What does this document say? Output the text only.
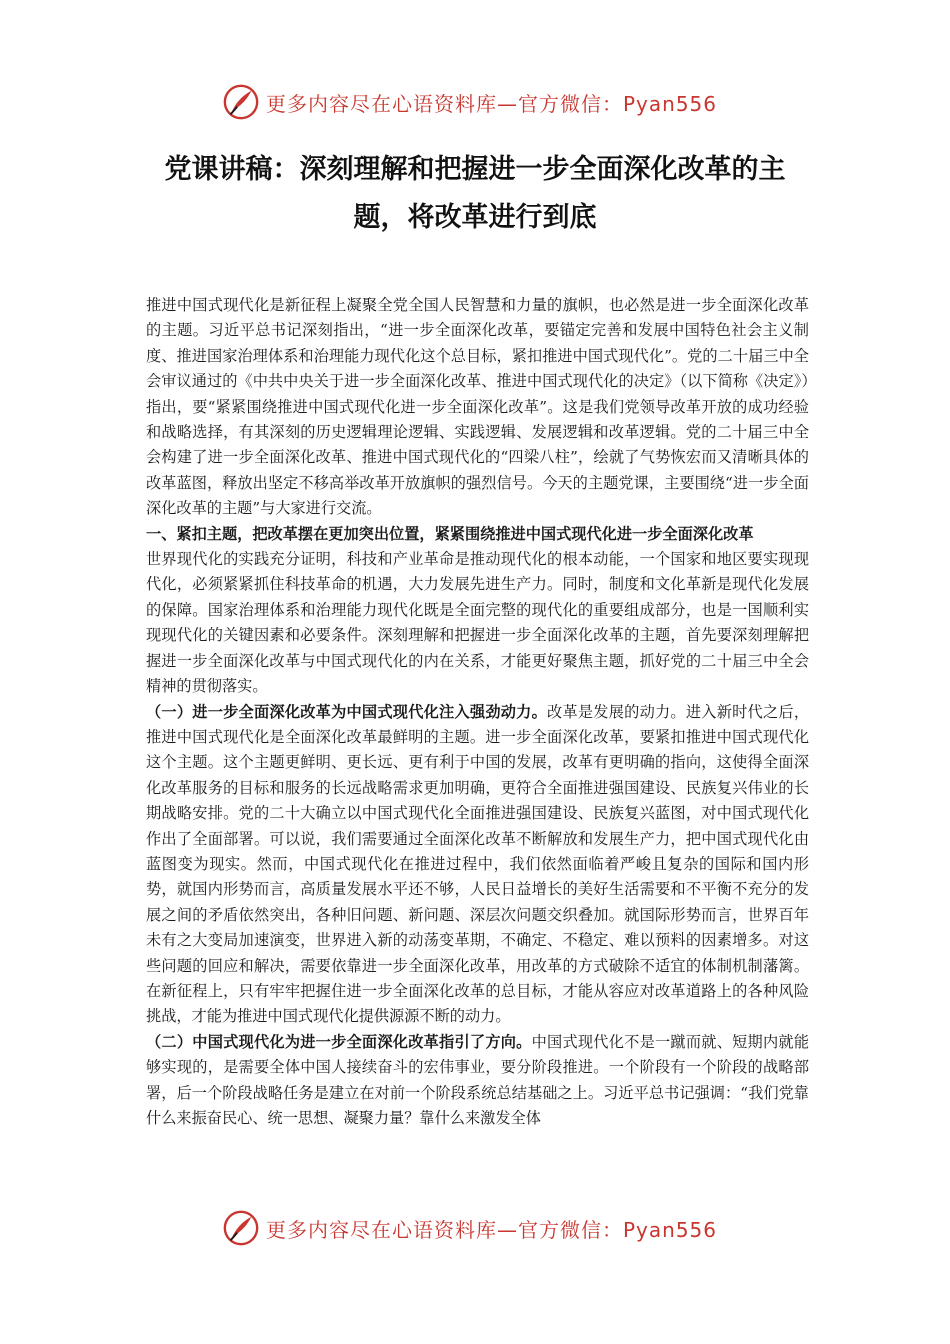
更多内容尽在心语资料库—官方微信：Pyan556
党课讲稿：深刻理解和把握进一步全面深化改革的主题，将改革进行到底

推进中国式现代化是新征程上凝聚全党全国人民智慧和力量的旗帜，也必然是进一步全面深化改革的主题。习近平总书记深刻指出，“进一步全面深化改革，要锚定完善和发展中国特色社会主义制度、推进国家治理体系和治理能力现代化这个总目标，紧扣推进中国式现代化”。党的二十届三中全会审议通过的《中共中央关于进一步全面深化改革、推进中国式现代化的决定》（以下简称《决定》）指出，要“紧紧围绕推进中国式现代化进一步全面深化改革”。这是我们党领导改革开放的成功经验和战略选择，有其深刻的历史逻辑理论逻辑、实践逻辑、发展逻辑和改革逻辑。党的二十届三中全会构建了进一步全面深化改革、推进中国式现代化的“四梁八柱”，绘就了气势恢宏而又清晰具体的改革蓝图，释放出坚定不移高举改革开放旗帜的强烈信号。今天的主题党课，主要围绕“进一步全面深化改革的主题”与大家进行交流。

一、紧扣主题，把改革摆在更加突出位置，紧紧围绕推进中国式现代化进一步全面深化改革

世界现代化的实践充分证明，科技和产业革命是推动现代化的根本动能，一个国家和地区要实现现代化，必须紧紧抓住科技革命的机遇，大力发展先进生产力。同时，制度和文化革新是现代化发展的保障。国家治理体系和治理能力现代化既是全面完整的现代化的重要组成部分，也是一国顺利实现现代化的关键因素和必要条件。深刻理解和把握进一步全面深化改革的主题，首先要深刻理解把握进一步全面深化改革与中国式现代化的内在关系，才能更好聚焦主题，抓好党的二十届三中全会精神的贯彻落实。

（一）进一步全面深化改革为中国式现代化注入强劲动力。改革是发展的动力。进入新时代之后，推进中国式现代化是全面深化改革最鲜明的主题。进一步全面深化改革，要紧扣推进中国式现代化这个主题。这个主题更鲜明、更长远、更有利于中国的发展，改革有更明确的指向，这使得全面深化改革服务的目标和服务的长远战略需求更加明确，更符合全面推进强国建设、民族复兴伟业的长期战略安排。党的二十大确立以中国式现代化全面推进强国建设、民族复兴蓝图，对中国式现代化作出了全面部署。可以说，我们需要通过全面深化改革不断解放和发展生产力，把中国式现代化由蓝图变为现实。然而，中国式现代化在推进过程中，我们依然面临着严峻且复杂的国际和国内形势，就国内形势而言，高质量发展水平还不够，人民日益增长的美好生活需要和不平衡不充分的发展之间的矛盾依然突出，各种旧问题、新问题、深层次问题交织叠加。就国际形势而言，世界百年未有之大变局加速演变，世界进入新的动荡变革期，不确定、不稳定、难以预料的因素增多。对这些问题的回应和解决，需要依靠进一步全面深化改革，用改革的方式破除不适宜的体制机制藩篱。在新征程上，只有牢牢把握住进一步全面深化改革的总目标，才能从容应对改革道路上的各种风险挑战，才能为推进中国式现代化提供源源不断的动力。

（二）中国式现代化为进一步全面深化改革指引了方向。中国式现代化不是一蹴而就、短期内就能够实现的，是需要全体中国人接续奋斗的宏伟事业，要分阶段推进。一个阶段有一个阶段的战略部署，后一个阶段战略任务是建立在对前一个阶段系统总结基础之上。习近平总书记强调：“我们党靠什么来振奋民心、统一思想、凝聚力量？靠什么来激发全体

更多内容尽在心语资料库—官方微信：Pyan556
